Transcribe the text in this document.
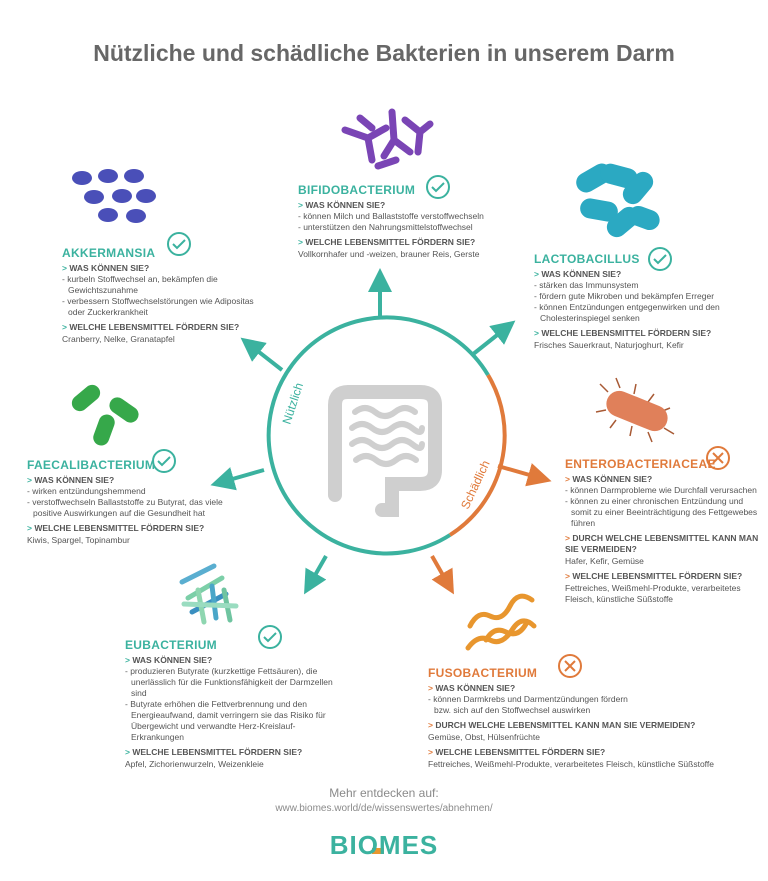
Nützlich
Schädlich
Nützliche und schädliche Bakterien in unserem Darm
BIFIDOBACTERIUM
> WAS KÖNNEN SIE?
- können Milch und Ballaststoffe verstoffwechseln
- unterstützen den Nahrungsmittelstoffwechsel
> WELCHE LEBENSMITTEL FÖRDERN SIE?
Vollkornhafer und -weizen, brauner Reis, Gerste
AKKERMANSIA
> WAS KÖNNEN SIE?
- kurbeln Stoffwechsel an, bekämpfen die Gewichtszunahme
- verbessern Stoffwechselstörungen wie Adipositas oder Zuckerkrankheit
> WELCHE LEBENSMITTEL FÖRDERN SIE?
Cranberry, Nelke, Granatapfel
LACTOBACILLUS
> WAS KÖNNEN SIE?
- stärken das Immunsystem
- fördern gute Mikroben und bekämpfen Erreger
- können Entzündungen entgegenwirken und den Cholesterinspiegel senken
> WELCHE LEBENSMITTEL FÖRDERN SIE?
Frisches Sauerkraut, Naturjoghurt, Kefir
FAECALIBACTERIUM
> WAS KÖNNEN SIE?
- wirken entzündungshemmend
- verstoffwechseln Ballaststoffe zu Butyrat, das viele positive Auswirkungen auf die Gesundheit hat
> WELCHE LEBENSMITTEL FÖRDERN SIE?
Kiwis, Spargel, Topinambur
ENTEROBACTERIACEAE
> WAS KÖNNEN SIE?
- können Darmprobleme wie Durchfall verursachen
- können zu einer chronischen Entzündung und somit zu einer Beeinträchtigung des Fettgewebes führen
> DURCH WELCHE LEBENSMITTEL KANN MAN SIE VERMEIDEN?
Hafer, Kefir, Gemüse
> WELCHE LEBENSMITTEL FÖRDERN SIE?
Fettreiches, Weißmehl-Produkte, verarbeitetes Fleisch, künstliche Süßstoffe
EUBACTERIUM
> WAS KÖNNEN SIE?
- produzieren Butyrate (kurzkettige Fettsäuren), die unerlässlich für die Funktionsfähigkeit der Darmzellen sind
- Butyrate erhöhen die Fettverbrennung und den Energieaufwand, damit verringern sie das Risiko für Übergewicht und verwandte Herz-Kreislauf-Erkrankungen
> WELCHE LEBENSMITTEL FÖRDERN SIE?
Apfel, Zichorienwurzeln, Weizenkleie
FUSOBACTERIUM
> WAS KÖNNEN SIE?
- können Darmkrebs und Darmentzündungen fördern bzw. sich auf den Stoffwechsel auswirken
> DURCH WELCHE LEBENSMITTEL KANN MAN SIE VERMEIDEN?
Gemüse, Obst, Hülsenfrüchte
> WELCHE LEBENSMITTEL FÖRDERN SIE?
Fettreiches, Weißmehl-Produkte, verarbeitetes Fleisch, künstliche Süßstoffe
Mehr entdecken auf:
www.biomes.world/de/wissenswertes/abnehmen/
BIOMES
